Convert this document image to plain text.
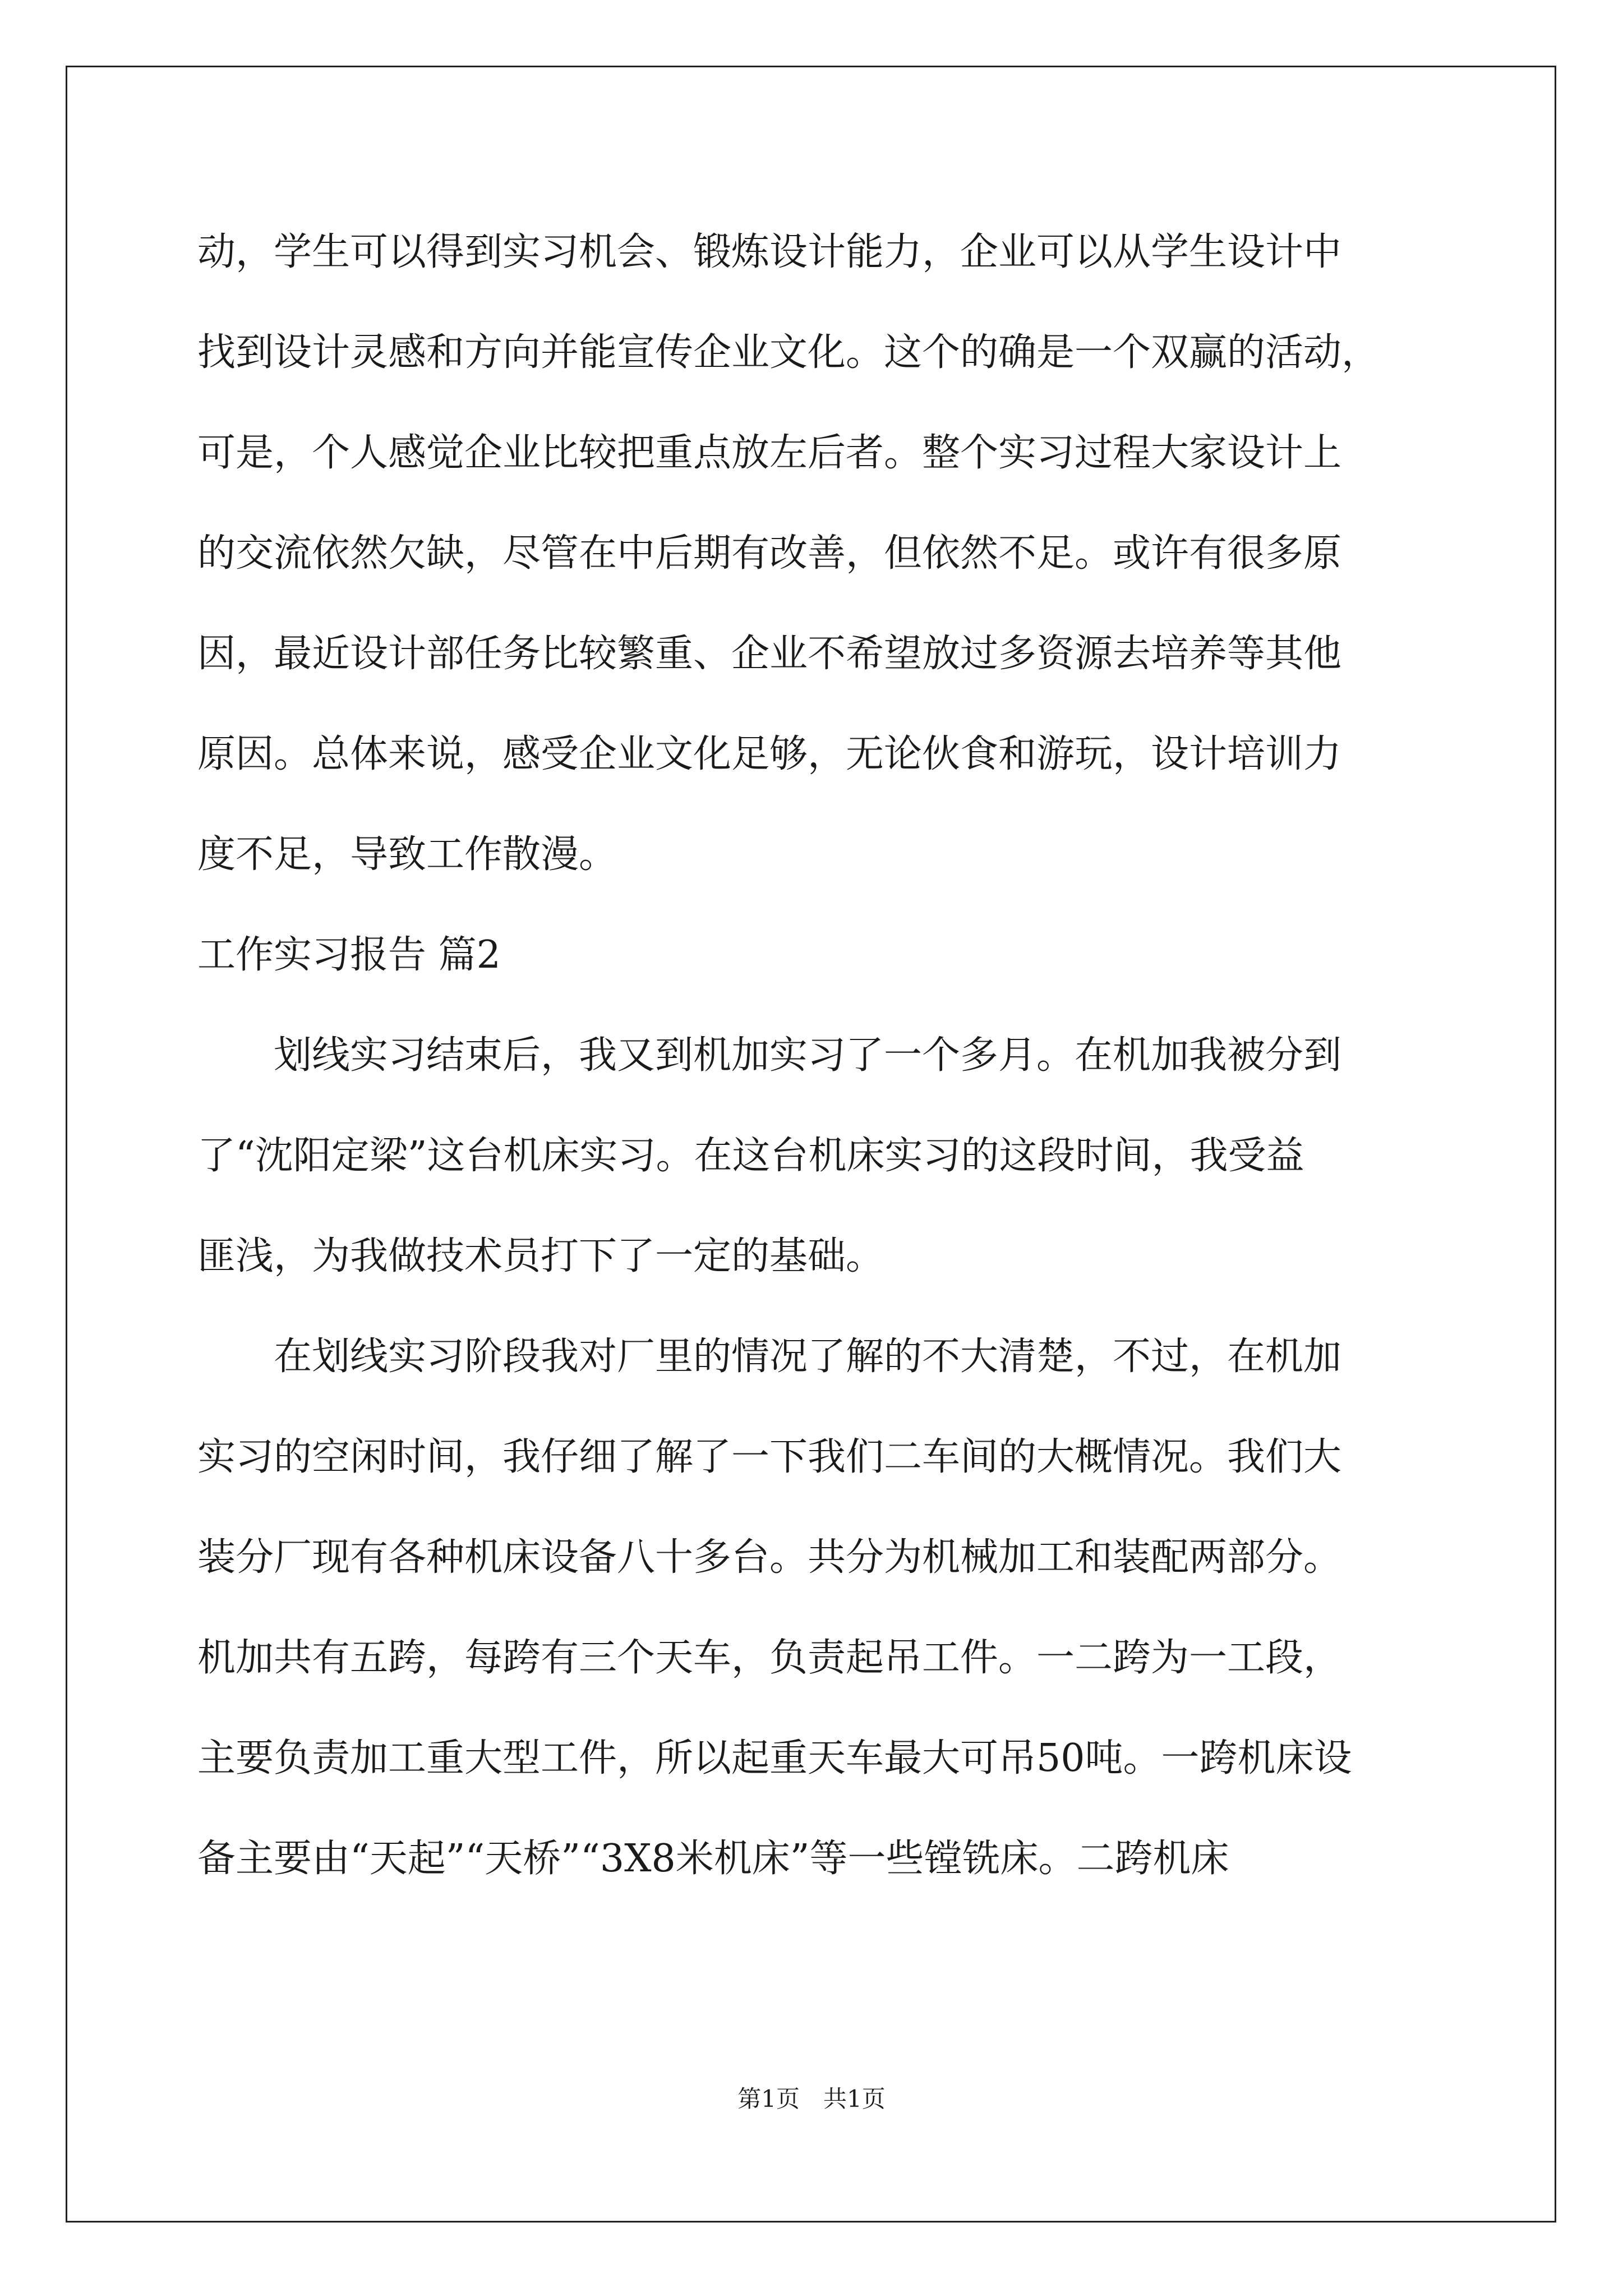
动，学生可以得到实习机会、锻炼设计能力，企业可以从学生设计中
找到设计灵感和方向并能宣传企业文化。这个的确是一个双赢的活动，
可是，个人感觉企业比较把重点放左后者。整个实习过程大家设计上
的交流依然欠缺，尽管在中后期有改善，但依然不足。或许有很多原
因，最近设计部任务比较繁重、企业不希望放过多资源去培养等其他
原因。总体来说，感受企业文化足够，无论伙食和游玩，设计培训力
度不足，导致工作散漫。
工作实习报告 篇2
　　划线实习结束后，我又到机加实习了一个多月。在机加我被分到
了“沈阳定梁”这台机床实习。在这台机床实习的这段时间，我受益
匪浅，为我做技术员打下了一定的基础。
　　在划线实习阶段我对厂里的情况了解的不大清楚，不过，在机加
实习的空闲时间，我仔细了解了一下我们二车间的大概情况。我们大
装分厂现有各种机床设备八十多台。共分为机械加工和装配两部分。
机加共有五跨，每跨有三个天车，负责起吊工件。一二跨为一工段，
主要负责加工重大型工件，所以起重天车最大可吊50吨。一跨机床设
备主要由“天起”“天桥”“3X8米机床”等一些镗铣床。二跨机床
第1页　共1页
